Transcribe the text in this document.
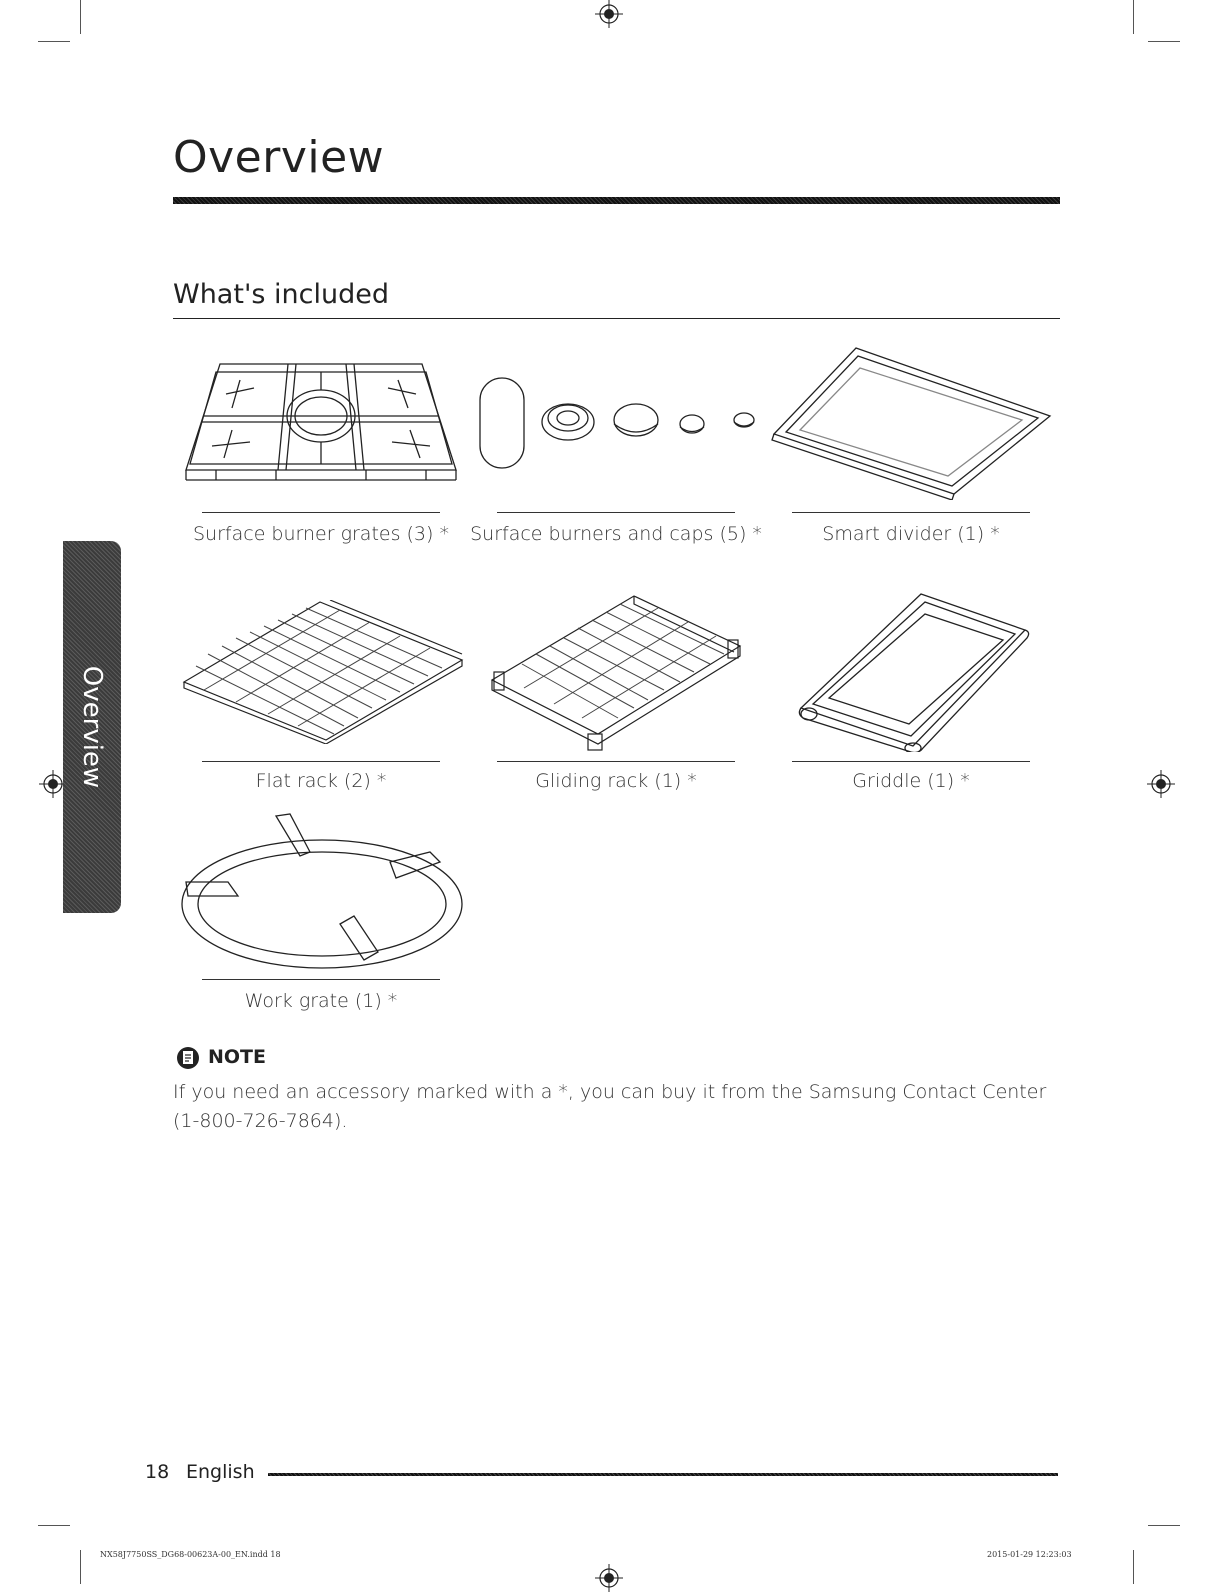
Overview
What's included
Overview
Surface burner grates (3) *	Surface burners and caps (5) *	Smart divider (1) *
Flat rack (2) *	Gliding rack (1) *	Griddle (1) *
Work grate (1) *
NOTE
If you need an accessory marked with a *, you can buy it from the Samsung Contact Center (1-800-726-7864).
18 English
NX58J7750SS_DG68-00623A-00_EN.indd 18	2015-01-29 12:23:03
